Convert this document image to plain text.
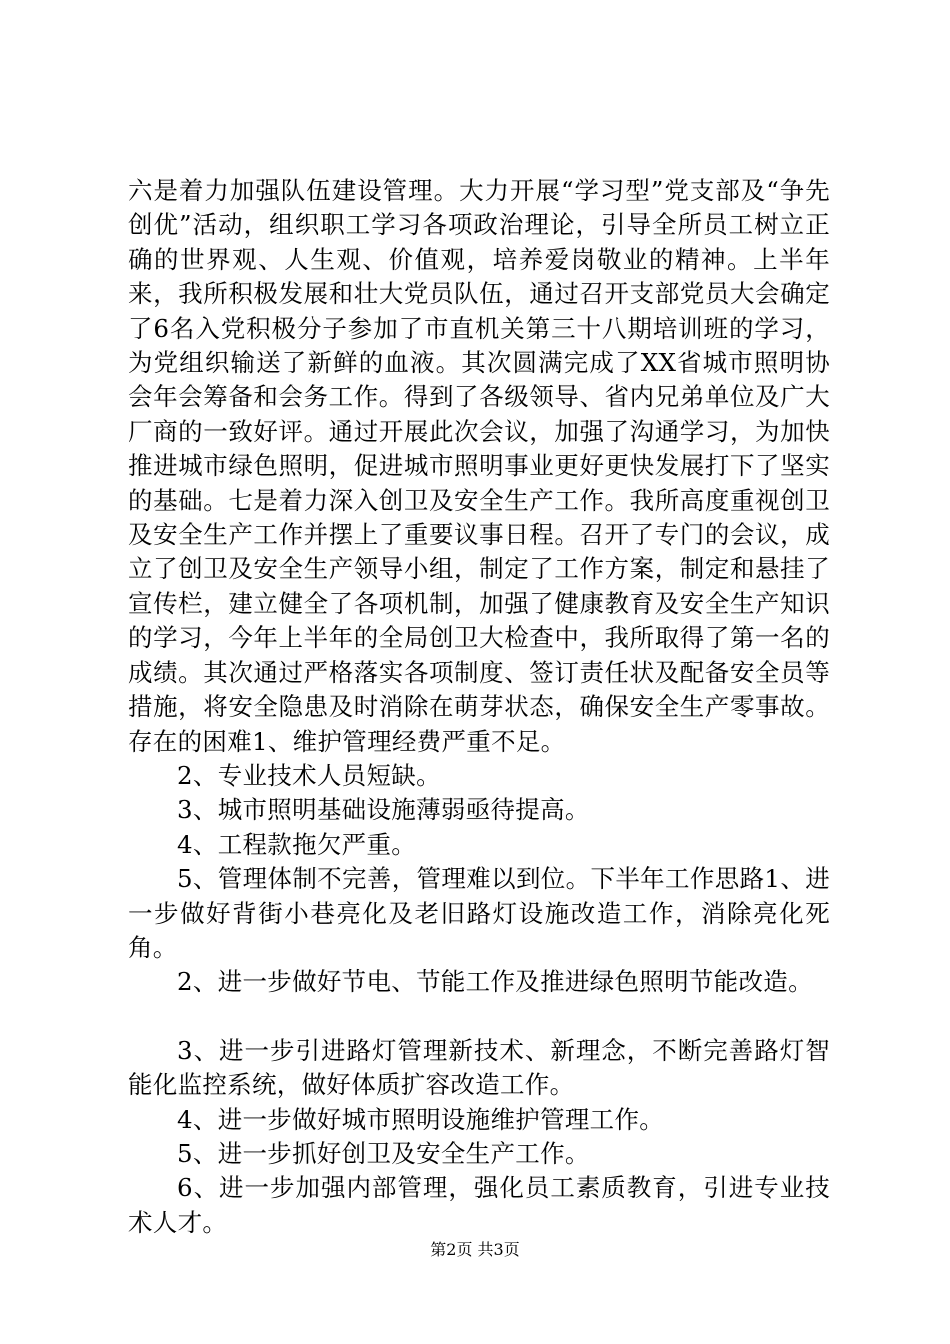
六是着力加强队伍建设管理。大力开展“学习型”党支部及“争先创优”活动，组织职工学习各项政治理论，引导全所员工树立正确的世界观、人生观、价值观，培养爱岗敬业的精神。上半年来，我所积极发展和壮大党员队伍，通过召开支部党员大会确定了6名入党积极分子参加了市直机关第三十八期培训班的学习，为党组织输送了新鲜的血液。其次圆满完成了XX省城市照明协会年会筹备和会务工作。得到了各级领导、省内兄弟单位及广大厂商的一致好评。通过开展此次会议，加强了沟通学习，为加快推进城市绿色照明，促进城市照明事业更好更快发展打下了坚实的基础。七是着力深入创卫及安全生产工作。我所高度重视创卫及安全生产工作并摆上了重要议事日程。召开了专门的会议，成立了创卫及安全生产领导小组，制定了工作方案，制定和悬挂了宣传栏，建立健全了各项机制，加强了健康教育及安全生产知识的学习，今年上半年的全局创卫大检查中，我所取得了第一名的成绩。其次通过严格落实各项制度、签订责任状及配备安全员等措施，将安全隐患及时消除在萌芽状态，确保安全生产零事故。存在的困难1、维护管理经费严重不足。

2、专业技术人员短缺。

3、城市照明基础设施薄弱亟待提高。

4、工程款拖欠严重。

5、管理体制不完善，管理难以到位。下半年工作思路1、进一步做好背街小巷亮化及老旧路灯设施改造工作，消除亮化死角。

2、进一步做好节电、节能工作及推进绿色照明节能改造。

3、进一步引进路灯管理新技术、新理念，不断完善路灯智能化监控系统，做好体质扩容改造工作。

4、进一步做好城市照明设施维护管理工作。

5、进一步抓好创卫及安全生产工作。

6、进一步加强内部管理，强化员工素质教育，引进专业技术人才。

第2页 共3页
